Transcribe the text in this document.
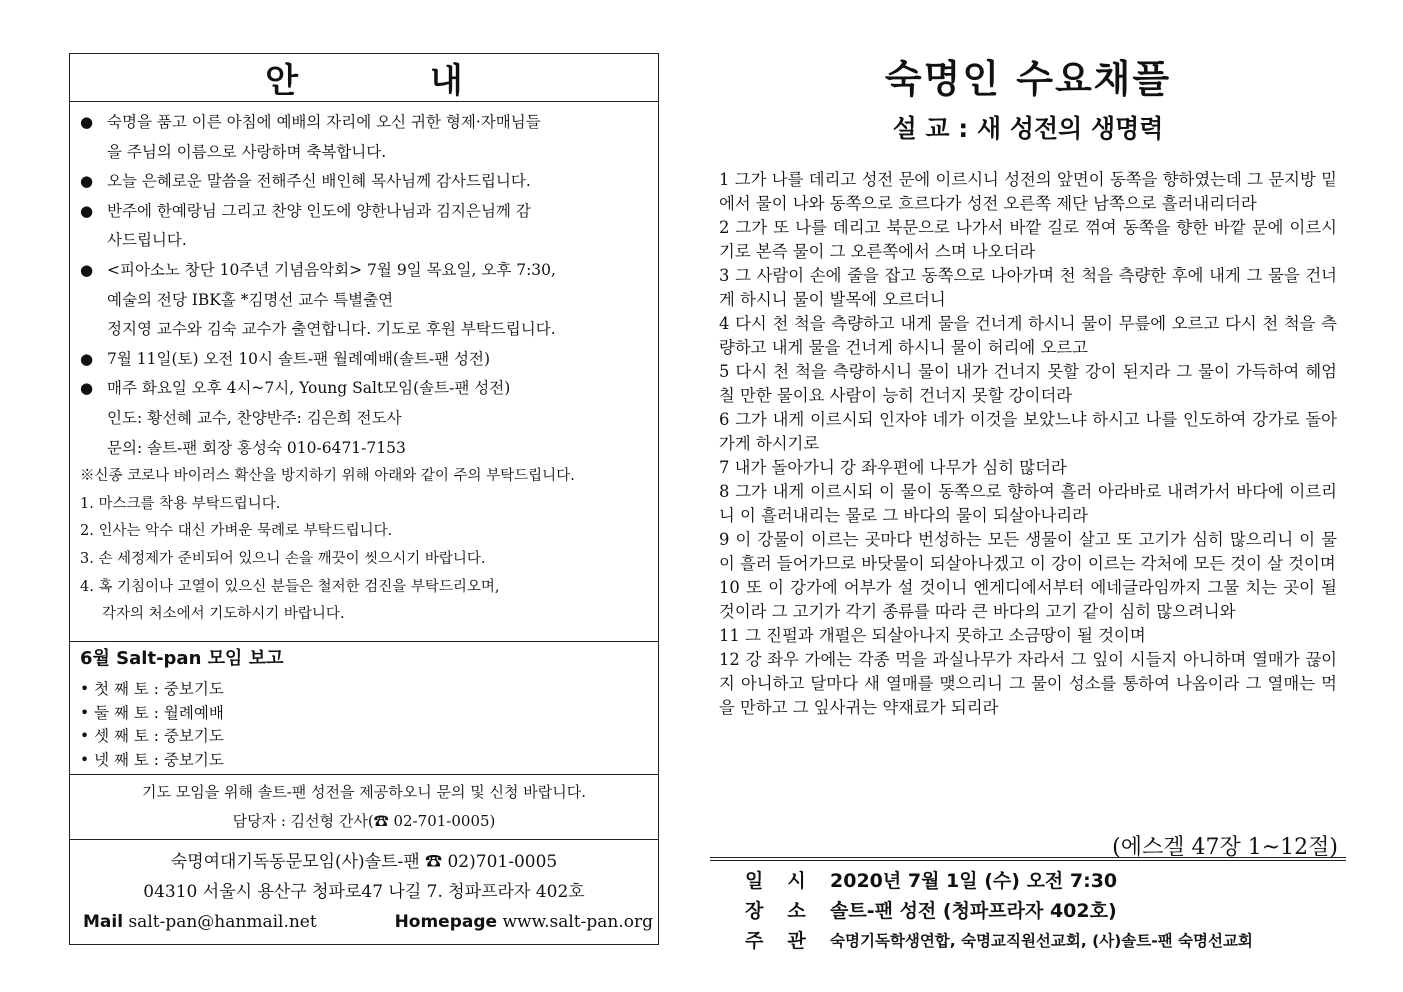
안 내
● 숙명을 품고 이른 아침에 예배의 자리에 오신 귀한 형제·자매님들
을 주님의 이름으로 사랑하며 축복합니다.
● 오늘 은혜로운 말씀을 전해주신 배인혜 목사님께 감사드립니다.
● 반주에 한예랑님 그리고 찬양 인도에 양한나님과 김지은님께 감
사드립니다.
● <피아소노 창단 10주년 기념음악회> 7월 9일 목요일, 오후 7:30,
예술의 전당 IBK홀 *김명선 교수 특별출연
정지영 교수와 김숙 교수가 출연합니다. 기도로 후원 부탁드립니다.
● 7월 11일(토) 오전 10시 솔트-팬 월례예배(솔트-팬 성전)
● 매주 화요일 오후 4시~7시, Young Salt모임(솔트-팬 성전)
인도: 황선혜 교수, 찬양반주: 김은희 전도사
문의: 솔트-팬 회장 홍성숙 010-6471-7153
※신종 코로나 바이러스 확산을 방지하기 위해 아래와 같이 주의 부탁드립니다.
1. 마스크를 착용 부탁드립니다.
2. 인사는 악수 대신 가벼운 묵례로 부탁드립니다.
3. 손 세정제가 준비되어 있으니 손을 깨끗이 씻으시기 바랍니다.
4. 혹 기침이나 고열이 있으신 분들은 철저한 검진을 부탁드리오며,
각자의 처소에서 기도하시기 바랍니다.
6월 Salt-pan 모임 보고
• 첫 째 토 : 중보기도
• 둘 째 토 : 월례예배
• 셋 째 토 : 중보기도
• 넷 째 토 : 중보기도
기도 모임을 위해 솔트-팬 성전을 제공하오니 문의 및 신청 바랍니다.
담당자 : 김선형 간사(☎ 02-701-0005)
숙명여대기독동문모임(사)솔트-팬 ☎ 02)701-0005
04310 서울시 용산구 청파로47 나길 7. 청파프라자 402호
Mail salt-pan@hanmail.net	Homepage www.salt-pan.org
숙명인 수요채플
설 교 : 새 성전의 생명력
1 그가 나를 데리고 성전 문에 이르시니 성전의 앞면이 동쪽을 향하였는데 그 문지방 밑에서 물이 나와 동쪽으로 흐르다가 성전 오른쪽 제단 남쪽으로 흘러내리더라
2 그가 또 나를 데리고 북문으로 나가서 바깥 길로 꺾여 동쪽을 향한 바깥 문에 이르시기로 본즉 물이 그 오른쪽에서 스며 나오더라
3 그 사람이 손에 줄을 잡고 동쪽으로 나아가며 천 척을 측량한 후에 내게 그 물을 건너게 하시니 물이 발목에 오르더니
4 다시 천 척을 측량하고 내게 물을 건너게 하시니 물이 무릎에 오르고 다시 천 척을 측량하고 내게 물을 건너게 하시니 물이 허리에 오르고
5 다시 천 척을 측량하시니 물이 내가 건너지 못할 강이 된지라 그 물이 가득하여 헤엄칠 만한 물이요 사람이 능히 건너지 못할 강이더라
6 그가 내게 이르시되 인자야 네가 이것을 보았느냐 하시고 나를 인도하여 강가로 돌아가게 하시기로
7 내가 돌아가니 강 좌우편에 나무가 심히 많더라
8 그가 내게 이르시되 이 물이 동쪽으로 향하여 흘러 아라바로 내려가서 바다에 이르리니 이 흘러내리는 물로 그 바다의 물이 되살아나리라
9 이 강물이 이르는 곳마다 번성하는 모든 생물이 살고 또 고기가 심히 많으리니 이 물이 흘러 들어가므로 바닷물이 되살아나겠고 이 강이 이르는 각처에 모든 것이 살 것이며
10 또 이 강가에 어부가 설 것이니 엔게디에서부터 에네글라임까지 그물 치는 곳이 될 것이라 그 고기가 각기 종류를 따라 큰 바다의 고기 같이 심히 많으려니와
11 그 진펄과 개펄은 되살아나지 못하고 소금땅이 될 것이며
12 강 좌우 가에는 각종 먹을 과실나무가 자라서 그 잎이 시들지 아니하며 열매가 끊이지 아니하고 달마다 새 열매를 맺으리니 그 물이 성소를 통하여 나옴이라 그 열매는 먹을 만하고 그 잎사귀는 약재료가 되리라
(에스겔 47장 1~12절)
일시 2020년 7월 1일 (수) 오전 7:30
장소 솔트-팬 성전 (청파프라자 402호)
주관 숙명기독학생연합, 숙명교직원선교회, (사)솔트-팬 숙명선교회
